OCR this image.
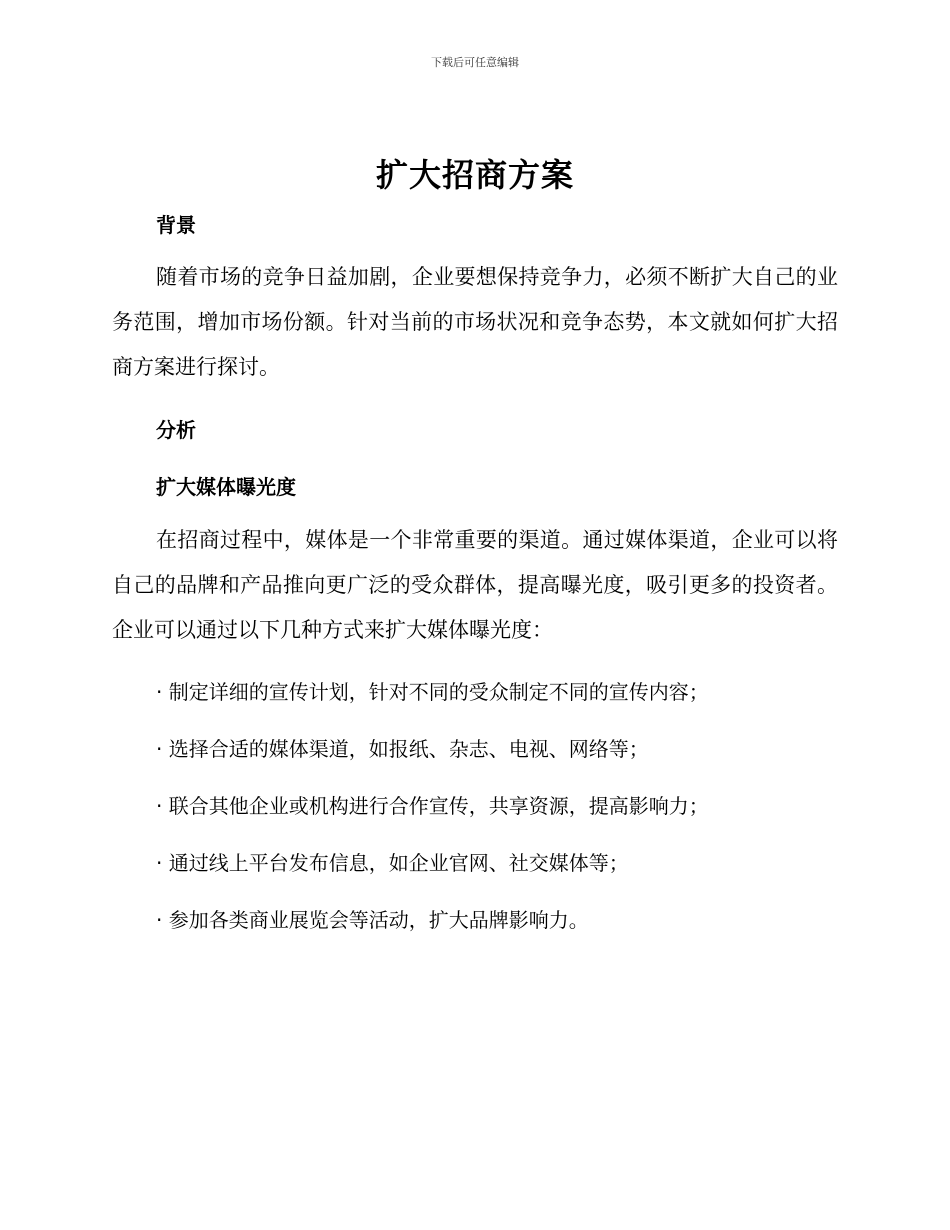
下载后可任意编辑
扩大招商方案
背景
随着市场的竞争日益加剧，企业要想保持竞争力，必须不断扩大自己的业务范围，增加市场份额。针对当前的市场状况和竞争态势，本文就如何扩大招商方案进行探讨。
分析
扩大媒体曝光度
在招商过程中，媒体是一个非常重要的渠道。通过媒体渠道，企业可以将自己的品牌和产品推向更广泛的受众群体，提高曝光度，吸引更多的投资者。企业可以通过以下几种方式来扩大媒体曝光度：
· 制定详细的宣传计划，针对不同的受众制定不同的宣传内容；
· 选择合适的媒体渠道，如报纸、杂志、电视、网络等；
· 联合其他企业或机构进行合作宣传，共享资源，提高影响力；
· 通过线上平台发布信息，如企业官网、社交媒体等；
· 参加各类商业展览会等活动，扩大品牌影响力。
